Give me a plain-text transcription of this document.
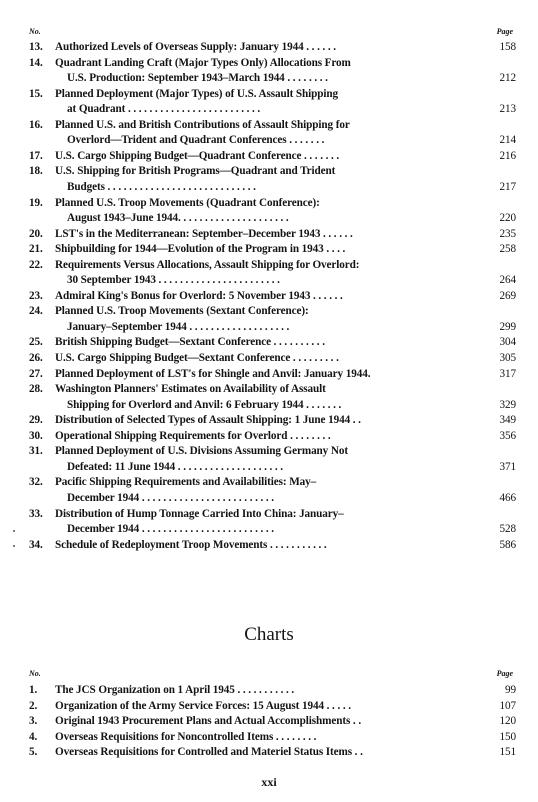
No.	Page
13.	Authorized Levels of Overseas Supply: January 1944 . . . . . .	158
14.	Quadrant Landing Craft (Major Types Only) Allocations From
U.S. Production: September 1943–March 1944 . . . . . . . .	212
15.	Planned Deployment (Major Types) of U.S. Assault Shipping
at Quadrant . . . . . . . . . . . . . . . . . . . . . . . . .	213
16.	Planned U.S. and British Contributions of Assault Shipping for
Overlord—Trident and Quadrant Conferences . . . . . . .	214
17.	U.S. Cargo Shipping Budget—Quadrant Conference . . . . . . .	216
18.	U.S. Shipping for British Programs—Quadrant and Trident
Budgets . . . . . . . . . . . . . . . . . . . . . . . . . . . .	217
19.	Planned U.S. Troop Movements (Quadrant Conference):
August 1943–June 1944. . . . . . . . . . . . . . . . . . . . .	220
20.	LST's in the Mediterranean: September–December 1943 . . . . . .	235
21.	Shipbuilding for 1944—Evolution of the Program in 1943 . . . .	258
22.	Requirements Versus Allocations, Assault Shipping for Overlord:
30 September 1943 . . . . . . . . . . . . . . . . . . . . . . .	264
23.	Admiral King's Bonus for Overlord: 5 November 1943 . . . . . .	269
24.	Planned U.S. Troop Movements (Sextant Conference):
January–September 1944 . . . . . . . . . . . . . . . . . . .	299
25.	British Shipping Budget—Sextant Conference . . . . . . . . . .	304
26.	U.S. Cargo Shipping Budget—Sextant Conference . . . . . . . . .	305
27.	Planned Deployment of LST's for Shingle and Anvil: January 1944.	317
28.	Washington Planners' Estimates on Availability of Assault
Shipping for Overlord and Anvil: 6 February 1944 . . . . . . .	329
29.	Distribution of Selected Types of Assault Shipping: 1 June 1944 . .	349
30.	Operational Shipping Requirements for Overlord . . . . . . . .	356
31.	Planned Deployment of U.S. Divisions Assuming Germany Not
Defeated: 11 June 1944 . . . . . . . . . . . . . . . . . . . .	371
32.	Pacific Shipping Requirements and Availabilities: May–
December 1944 . . . . . . . . . . . . . . . . . . . . . . . . .	466
33.	Distribution of Hump Tonnage Carried Into China: January–
December 1944 . . . . . . . . . . . . . . . . . . . . . . . . .	528
34.	Schedule of Redeployment Troop Movements . . . . . . . . . . .	586
Charts
No.	Page
1.	The JCS Organization on 1 April 1945 . . . . . . . . . . .	99
2.	Organization of the Army Service Forces: 15 August 1944 . . . . .	107
3.	Original 1943 Procurement Plans and Actual Accomplishments . .	120
4.	Overseas Requisitions for Noncontrolled Items . . . . . . . .	150
5.	Overseas Requisitions for Controlled and Materiel Status Items . .	151
xxi
